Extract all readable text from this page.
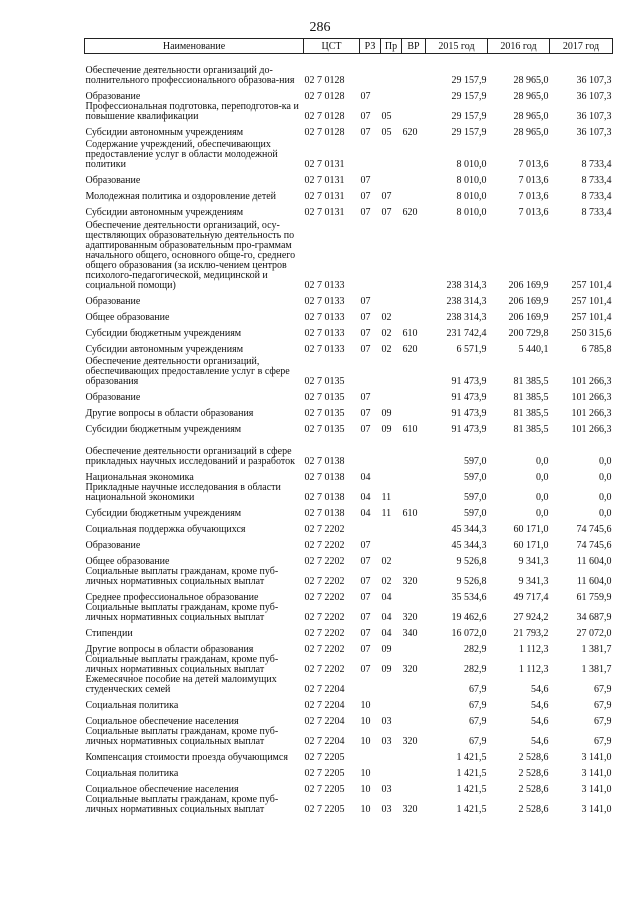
286
Наименование	ЦСТ	РЗ	Пр	ВР	2015 год	2016 год	2017 год
Обеспечение деятельности организаций до-полнительного профессионального образова-ния	02 7 0128				29 157,9	28 965,0	36 107,3
Образование	02 7 0128	07			29 157,9	28 965,0	36 107,3
Профессиональная подготовка, переподготов-ка и повышение квалификации	02 7 0128	07	05		29 157,9	28 965,0	36 107,3
Субсидии автономным учреждениям	02 7 0128	07	05	620	29 157,9	28 965,0	36 107,3
Содержание учреждений, обеспечивающих предоставление услуг в области молодежной политики	02 7 0131				8 010,0	7 013,6	8 733,4
Образование	02 7 0131	07			8 010,0	7 013,6	8 733,4
Молодежная политика и оздоровление детей	02 7 0131	07	07		8 010,0	7 013,6	8 733,4
Субсидии автономным учреждениям	02 7 0131	07	07	620	8 010,0	7 013,6	8 733,4
Обеспечение деятельности организаций, осу-ществляющих образовательную деятельность по адаптированным образовательным про-граммам начального общего, основного обще-го, среднего общего образования (за исклю-чением центров психолого-педагогической, медицинской и социальной помощи)	02 7 0133				238 314,3	206 169,9	257 101,4
Образование	02 7 0133	07			238 314,3	206 169,9	257 101,4
Общее образование	02 7 0133	07	02		238 314,3	206 169,9	257 101,4
Субсидии бюджетным учреждениям	02 7 0133	07	02	610	231 742,4	200 729,8	250 315,6
Субсидии автономным учреждениям	02 7 0133	07	02	620	6 571,9	5 440,1	6 785,8
Обеспечение деятельности организаций, обеспечивающих предоставление услуг в сфере образования	02 7 0135				91 473,9	81 385,5	101 266,3
Образование	02 7 0135	07			91 473,9	81 385,5	101 266,3
Другие вопросы в области образования	02 7 0135	07	09		91 473,9	81 385,5	101 266,3
Субсидии бюджетным учреждениям	02 7 0135	07	09	610	91 473,9	81 385,5	101 266,3
Обеспечение деятельности организаций в сфере прикладных научных исследований и разработок	02 7 0138				597,0	0,0	0,0
Национальная экономика	02 7 0138	04			597,0	0,0	0,0
Прикладные научные исследования в области национальной экономики	02 7 0138	04	11		597,0	0,0	0,0
Субсидии бюджетным учреждениям	02 7 0138	04	11	610	597,0	0,0	0,0
Социальная поддержка обучающихся	02 7 2202				45 344,3	60 171,0	74 745,6
Образование	02 7 2202	07			45 344,3	60 171,0	74 745,6
Общее образование	02 7 2202	07	02		9 526,8	9 341,3	11 604,0
Социальные выплаты гражданам, кроме пуб-личных нормативных социальных выплат	02 7 2202	07	02	320	9 526,8	9 341,3	11 604,0
Среднее профессиональное образование	02 7 2202	07	04		35 534,6	49 717,4	61 759,9
Социальные выплаты гражданам, кроме пуб-личных нормативных социальных выплат	02 7 2202	07	04	320	19 462,6	27 924,2	34 687,9
Стипендии	02 7 2202	07	04	340	16 072,0	21 793,2	27 072,0
Другие вопросы в области образования	02 7 2202	07	09		282,9	1 112,3	1 381,7
Социальные выплаты гражданам, кроме пуб-личных нормативных социальных выплат	02 7 2202	07	09	320	282,9	1 112,3	1 381,7
Ежемесячное пособие на детей малоимущих студенческих семей	02 7 2204				67,9	54,6	67,9
Социальная политика	02 7 2204	10			67,9	54,6	67,9
Социальное обеспечение населения	02 7 2204	10	03		67,9	54,6	67,9
Социальные выплаты гражданам, кроме пуб-личных нормативных социальных выплат	02 7 2204	10	03	320	67,9	54,6	67,9
Компенсация стоимости проезда обучающимся	02 7 2205				1 421,5	2 528,6	3 141,0
Социальная политика	02 7 2205	10			1 421,5	2 528,6	3 141,0
Социальное обеспечение населения	02 7 2205	10	03		1 421,5	2 528,6	3 141,0
Социальные выплаты гражданам, кроме пуб-личных нормативных социальных выплат	02 7 2205	10	03	320	1 421,5	2 528,6	3 141,0
